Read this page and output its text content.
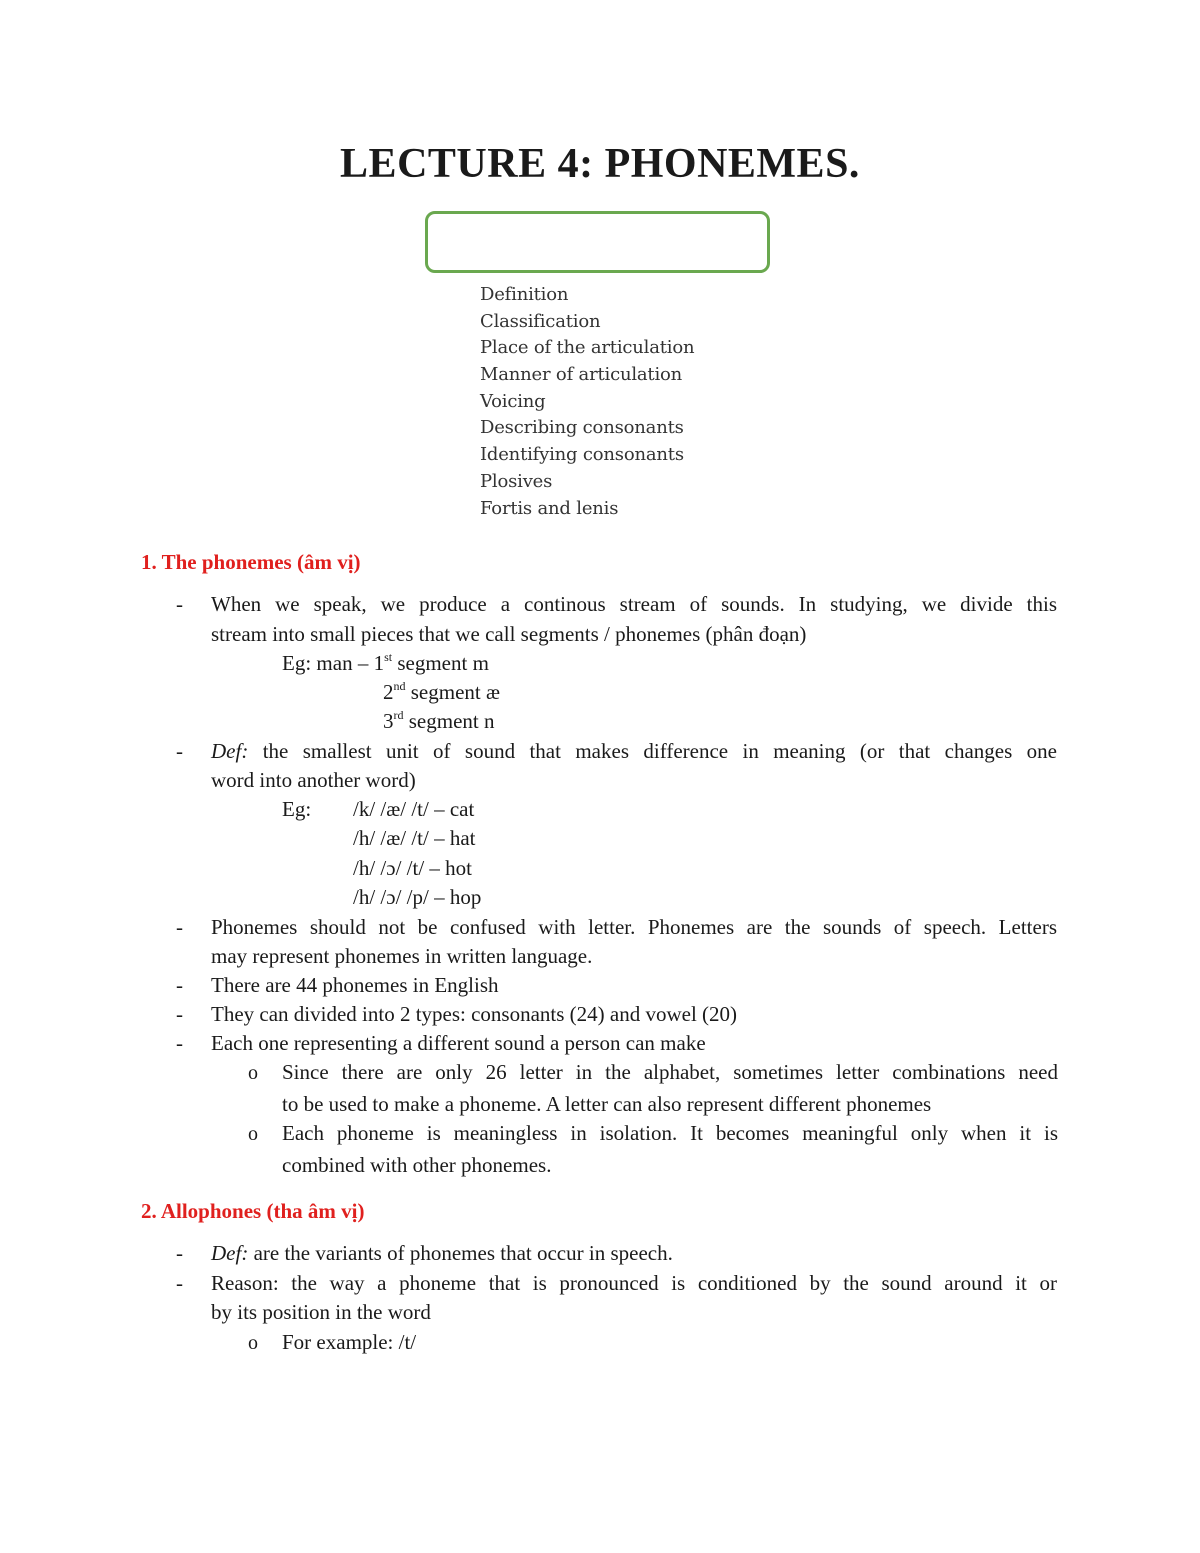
LECTURE 4: PHONEMES.
Definition
Classification
Place of the articulation
Manner of articulation
Voicing
Describing consonants
Identifying consonants
Plosives
Fortis and lenis
1. The phonemes (âm vị)
- When we speak, we produce a continous stream of sounds. In studying, we divide this
stream into small pieces that we call segments / phonemes (phân đoạn)
Eg: man – 1st segment m
2nd segment æ
3rd segment n
- Def: the smallest unit of sound that makes difference in meaning (or that changes one
word into another word)
Eg: /k/ /æ/ /t/ – cat
/h/ /æ/ /t/ – hat
/h/ /ɔ/ /t/ – hot
/h/ /ɔ/ /p/ – hop
- Phonemes should not be confused with letter. Phonemes are the sounds of speech. Letters
may represent phonemes in written language.
- There are 44 phonemes in English
- They can divided into 2 types: consonants (24) and vowel (20)
- Each one representing a different sound a person can make
o Since there are only 26 letter in the alphabet, sometimes letter combinations need
to be used to make a phoneme. A letter can also represent different phonemes
o Each phoneme is meaningless in isolation. It becomes meaningful only when it is
combined with other phonemes.
2. Allophones (tha âm vị)
- Def: are the variants of phonemes that occur in speech.
- Reason: the way a phoneme that is pronounced is conditioned by the sound around it or
by its position in the word
o For example: /t/
